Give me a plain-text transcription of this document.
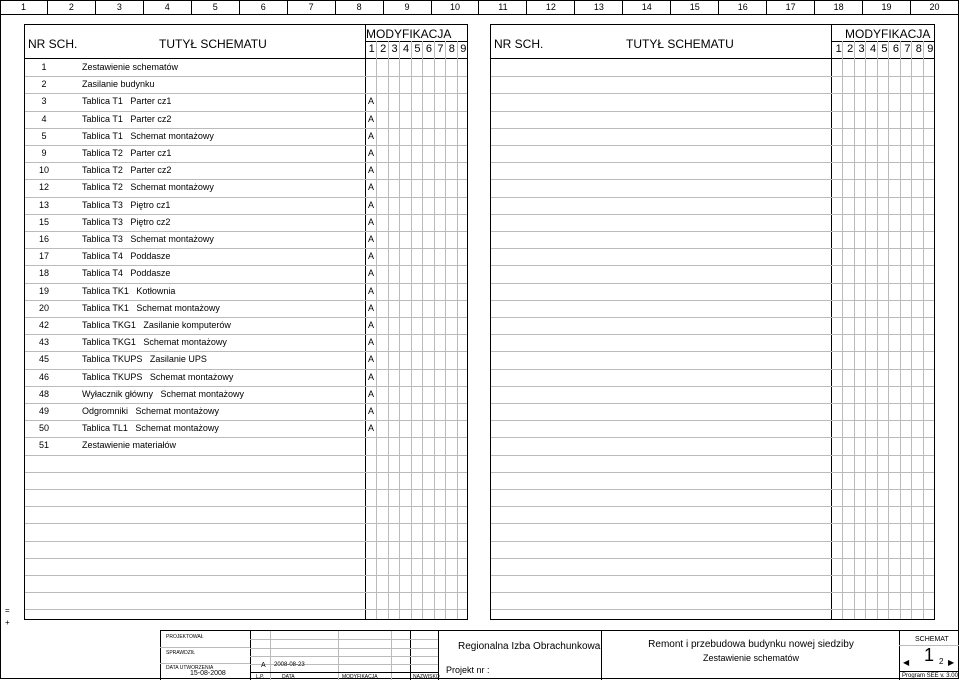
1	2	3	4	5	6	7	8	9	10	11	12	13	14	15	16	17	18	19	20
NR SCH.	TUTYŁ SCHEMATU
MODYFIKACJA
1 2 3 4 5 6 7 8 9
1	Zestawienie schematów
2	Zasilanie budynku
3	Tablica T1   Parter cz1	A
4	Tablica T1   Parter cz2	A
5	Tablica T1   Schemat montażowy	A
9	Tablica T2   Parter cz1	A
10	Tablica T2   Parter cz2	A
12	Tablica T2   Schemat montażowy	A
13	Tablica T3   Piętro cz1	A
15	Tablica T3   Piętro cz2	A
16	Tablica T3   Schemat montażowy	A
17	Tablica T4   Poddasze	A
18	Tablica T4   Poddasze	A
19	Tablica TK1   Kotłownia	A
20	Tablica TK1   Schemat montażowy	A
42	Tablica TKG1   Zasilanie komputerów	A
43	Tablica TKG1   Schemat montażowy	A
45	Tablica TKUPS   Zasilanie UPS	A
46	Tablica TKUPS   Schemat montażowy	A
48	Wyłacznik główny   Schemat montażowy	A
49	Odgromniki   Schemat montażowy	A
50	Tablica TL1   Schemat montażowy	A
51	Zestawienie materiałów
NR SCH.	TUTYŁ SCHEMATU
MODYFIKACJA
1 2 3 4 5 6 7 8 9
=
+
PROJEKTOWAŁ
SPRAWDZIŁ
DATA UTWORZENIA
15-08-2008
A 2008-08-23
L.P.	DATA	MODYFIKACJA	NAZWISKO
Regionalna Izba Obrachunkowa
Projekt nr :
Remont i przebudowa budynku nowej siedziby
Zestawienie schematów
SCHEMAT
◀ 1 2 ▶
Program SEE v. 3.00
